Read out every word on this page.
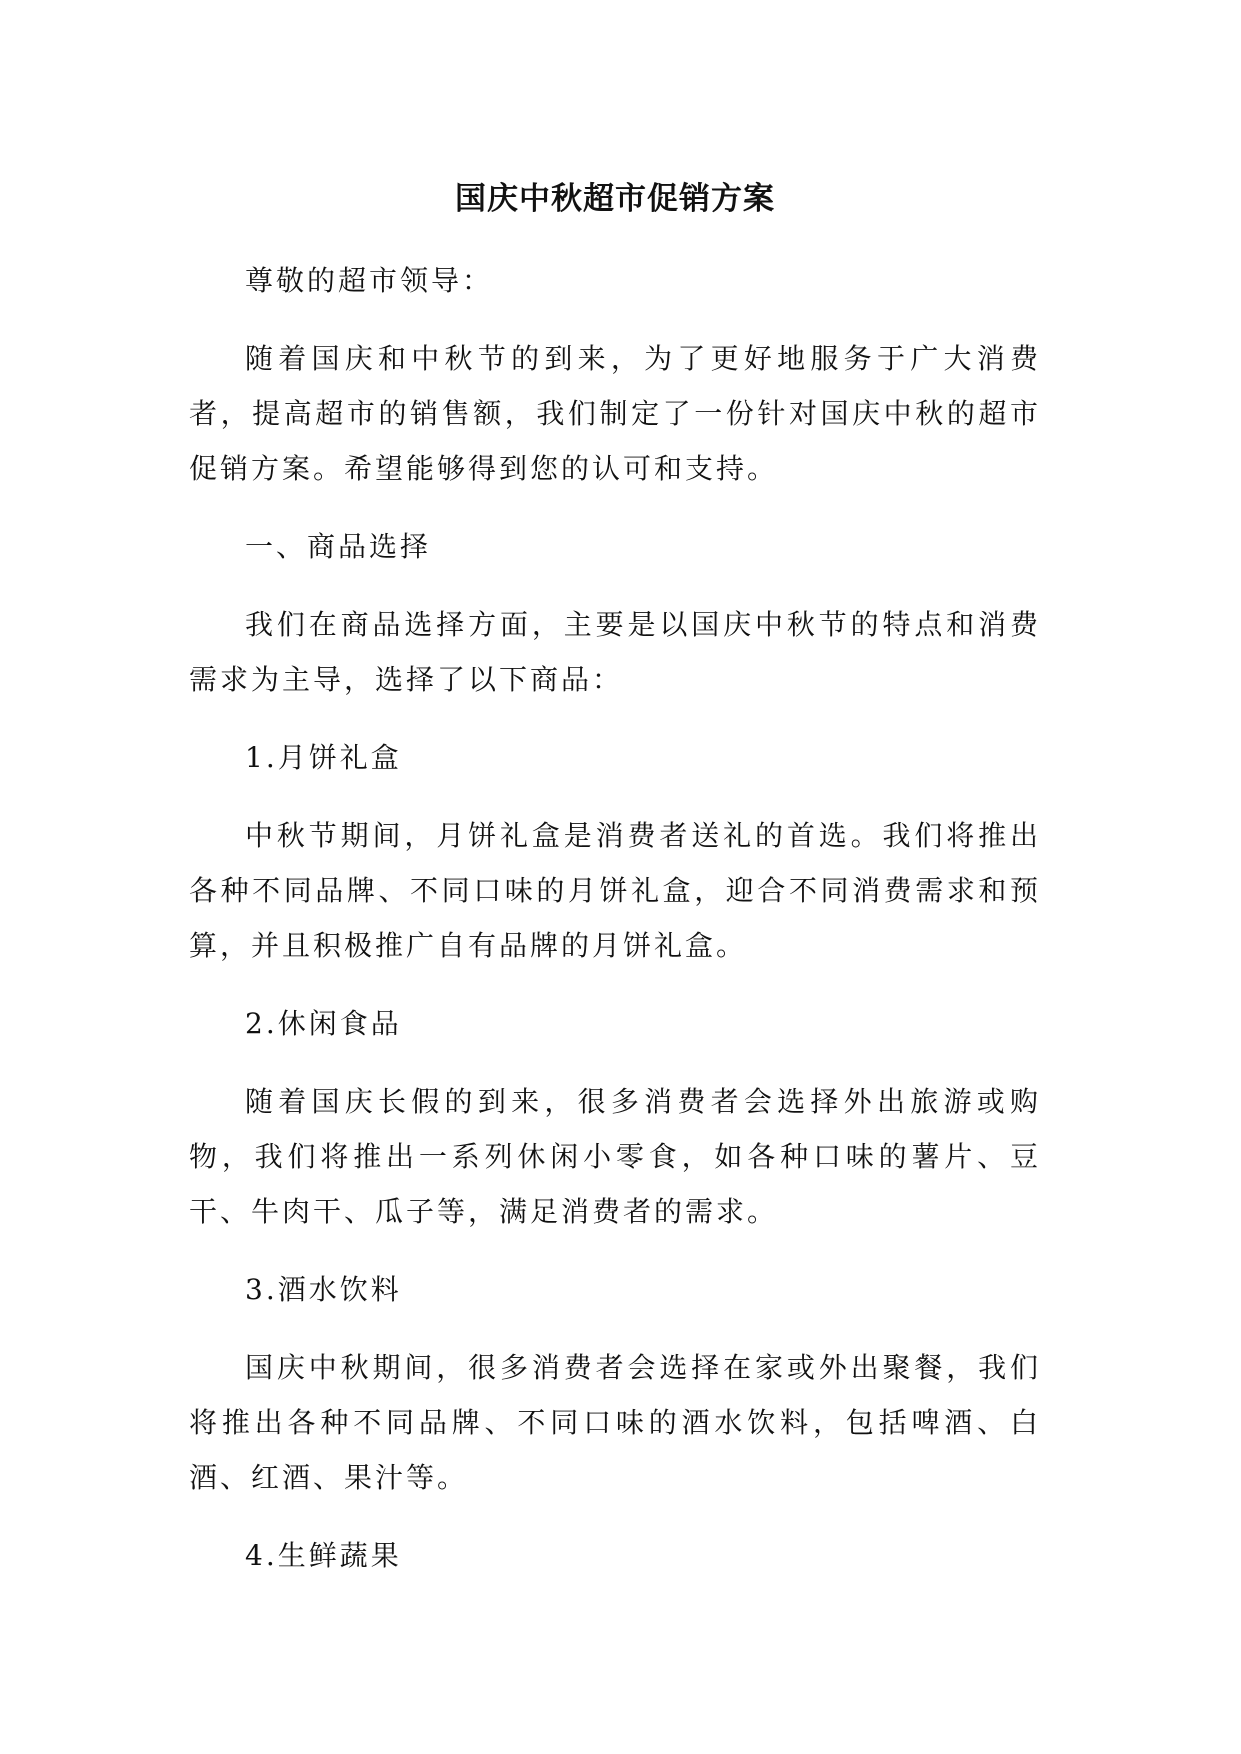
国庆中秋超市促销方案

尊敬的超市领导：

随着国庆和中秋节的到来，为了更好地服务于广大消费者，提高超市的销售额，我们制定了一份针对国庆中秋的超市促销方案。希望能够得到您的认可和支持。

一、商品选择

我们在商品选择方面，主要是以国庆中秋节的特点和消费需求为主导，选择了以下商品：

1.月饼礼盒

中秋节期间，月饼礼盒是消费者送礼的首选。我们将推出各种不同品牌、不同口味的月饼礼盒，迎合不同消费需求和预算，并且积极推广自有品牌的月饼礼盒。

2.休闲食品

随着国庆长假的到来，很多消费者会选择外出旅游或购物，我们将推出一系列休闲小零食，如各种口味的薯片、豆干、牛肉干、瓜子等，满足消费者的需求。

3.酒水饮料

国庆中秋期间，很多消费者会选择在家或外出聚餐，我们将推出各种不同品牌、不同口味的酒水饮料，包括啤酒、白酒、红酒、果汁等。

4.生鲜蔬果
